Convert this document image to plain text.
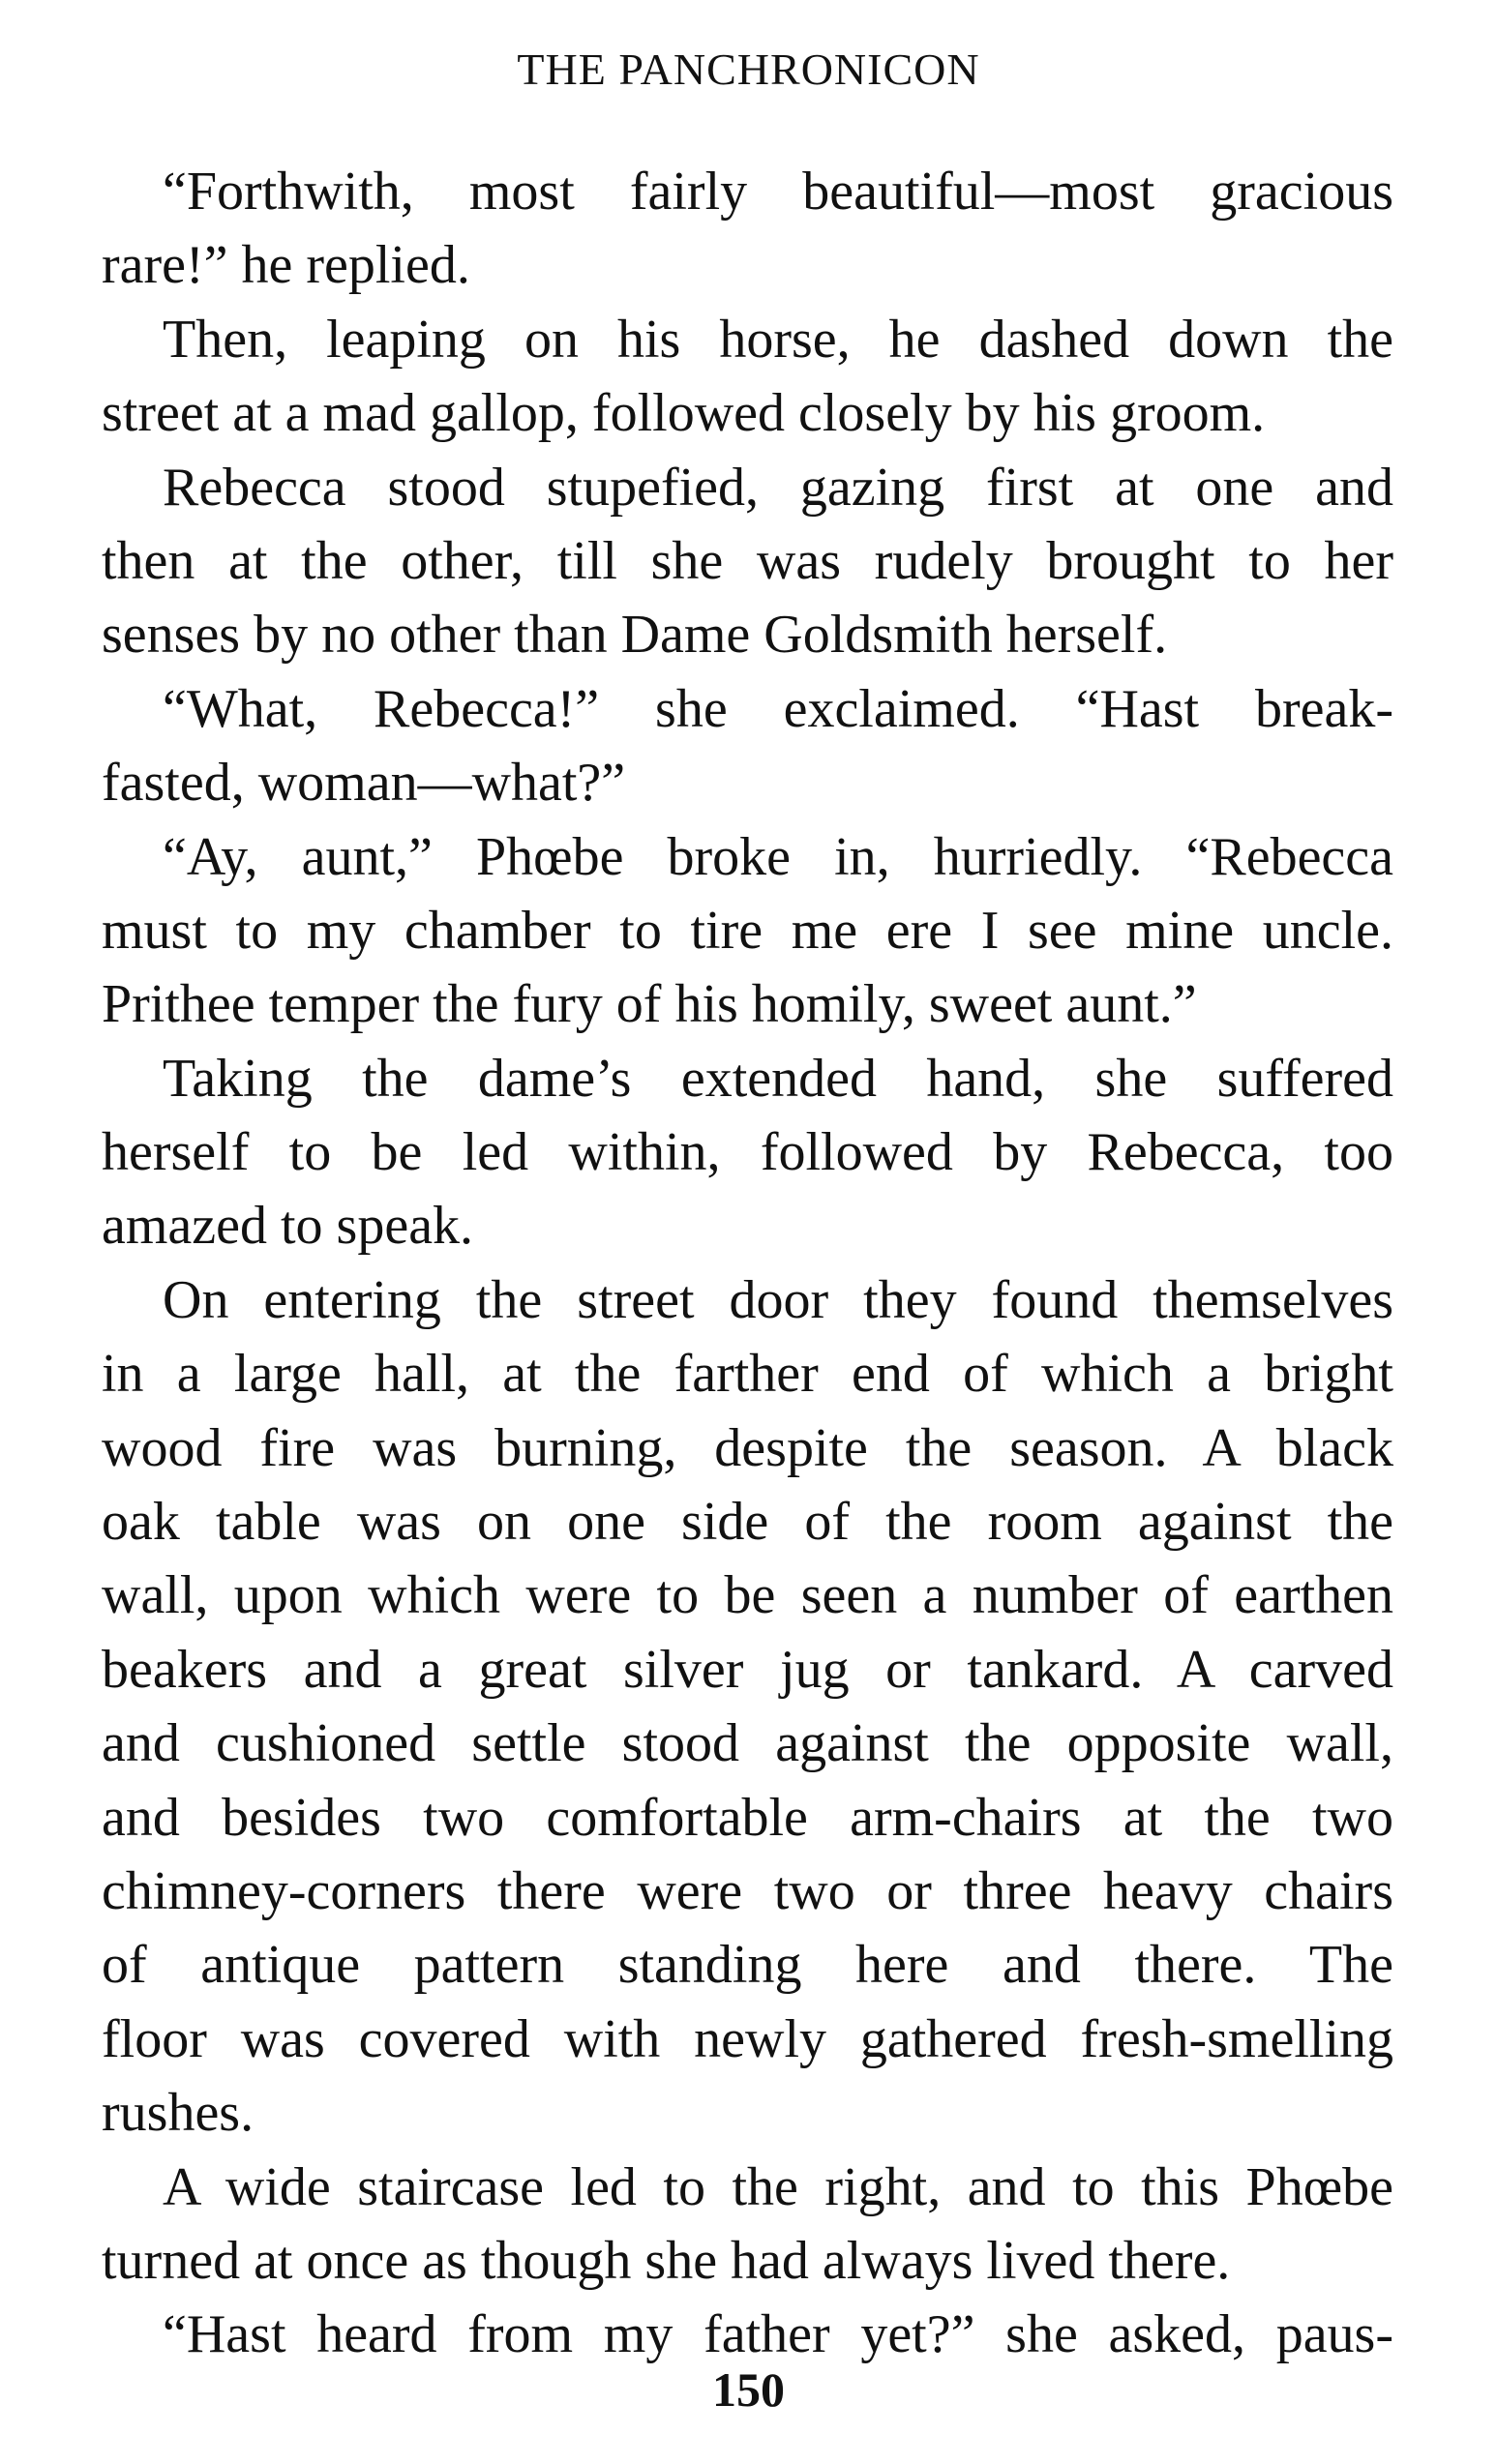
THE PANCHRONICON
“Forthwith, most fairly beautiful—most gracious
rare!” he replied.
Then, leaping on his horse, he dashed down the
street at a mad gallop, followed closely by his groom.
Rebecca stood stupefied, gazing first at one and
then at the other, till she was rudely brought to her
senses by no other than Dame Goldsmith herself.
“What, Rebecca!” she exclaimed. “Hast break-
fasted, woman—what?”
“Ay, aunt,” Phœbe broke in, hurriedly. “Rebecca
must to my chamber to tire me ere I see mine uncle.
Prithee temper the fury of his homily, sweet aunt.”
Taking the dame’s extended hand, she suffered
herself to be led within, followed by Rebecca, too
amazed to speak.
On entering the street door they found themselves
in a large hall, at the farther end of which a bright
wood fire was burning, despite the season. A black
oak table was on one side of the room against the
wall, upon which were to be seen a number of earthen
beakers and a great silver jug or tankard. A carved
and cushioned settle stood against the opposite wall,
and besides two comfortable arm-chairs at the two
chimney-corners there were two or three heavy chairs
of antique pattern standing here and there. The
floor was covered with newly gathered fresh-smelling
rushes.
A wide staircase led to the right, and to this Phœbe
turned at once as though she had always lived there.
“Hast heard from my father yet?” she asked, paus-
150
